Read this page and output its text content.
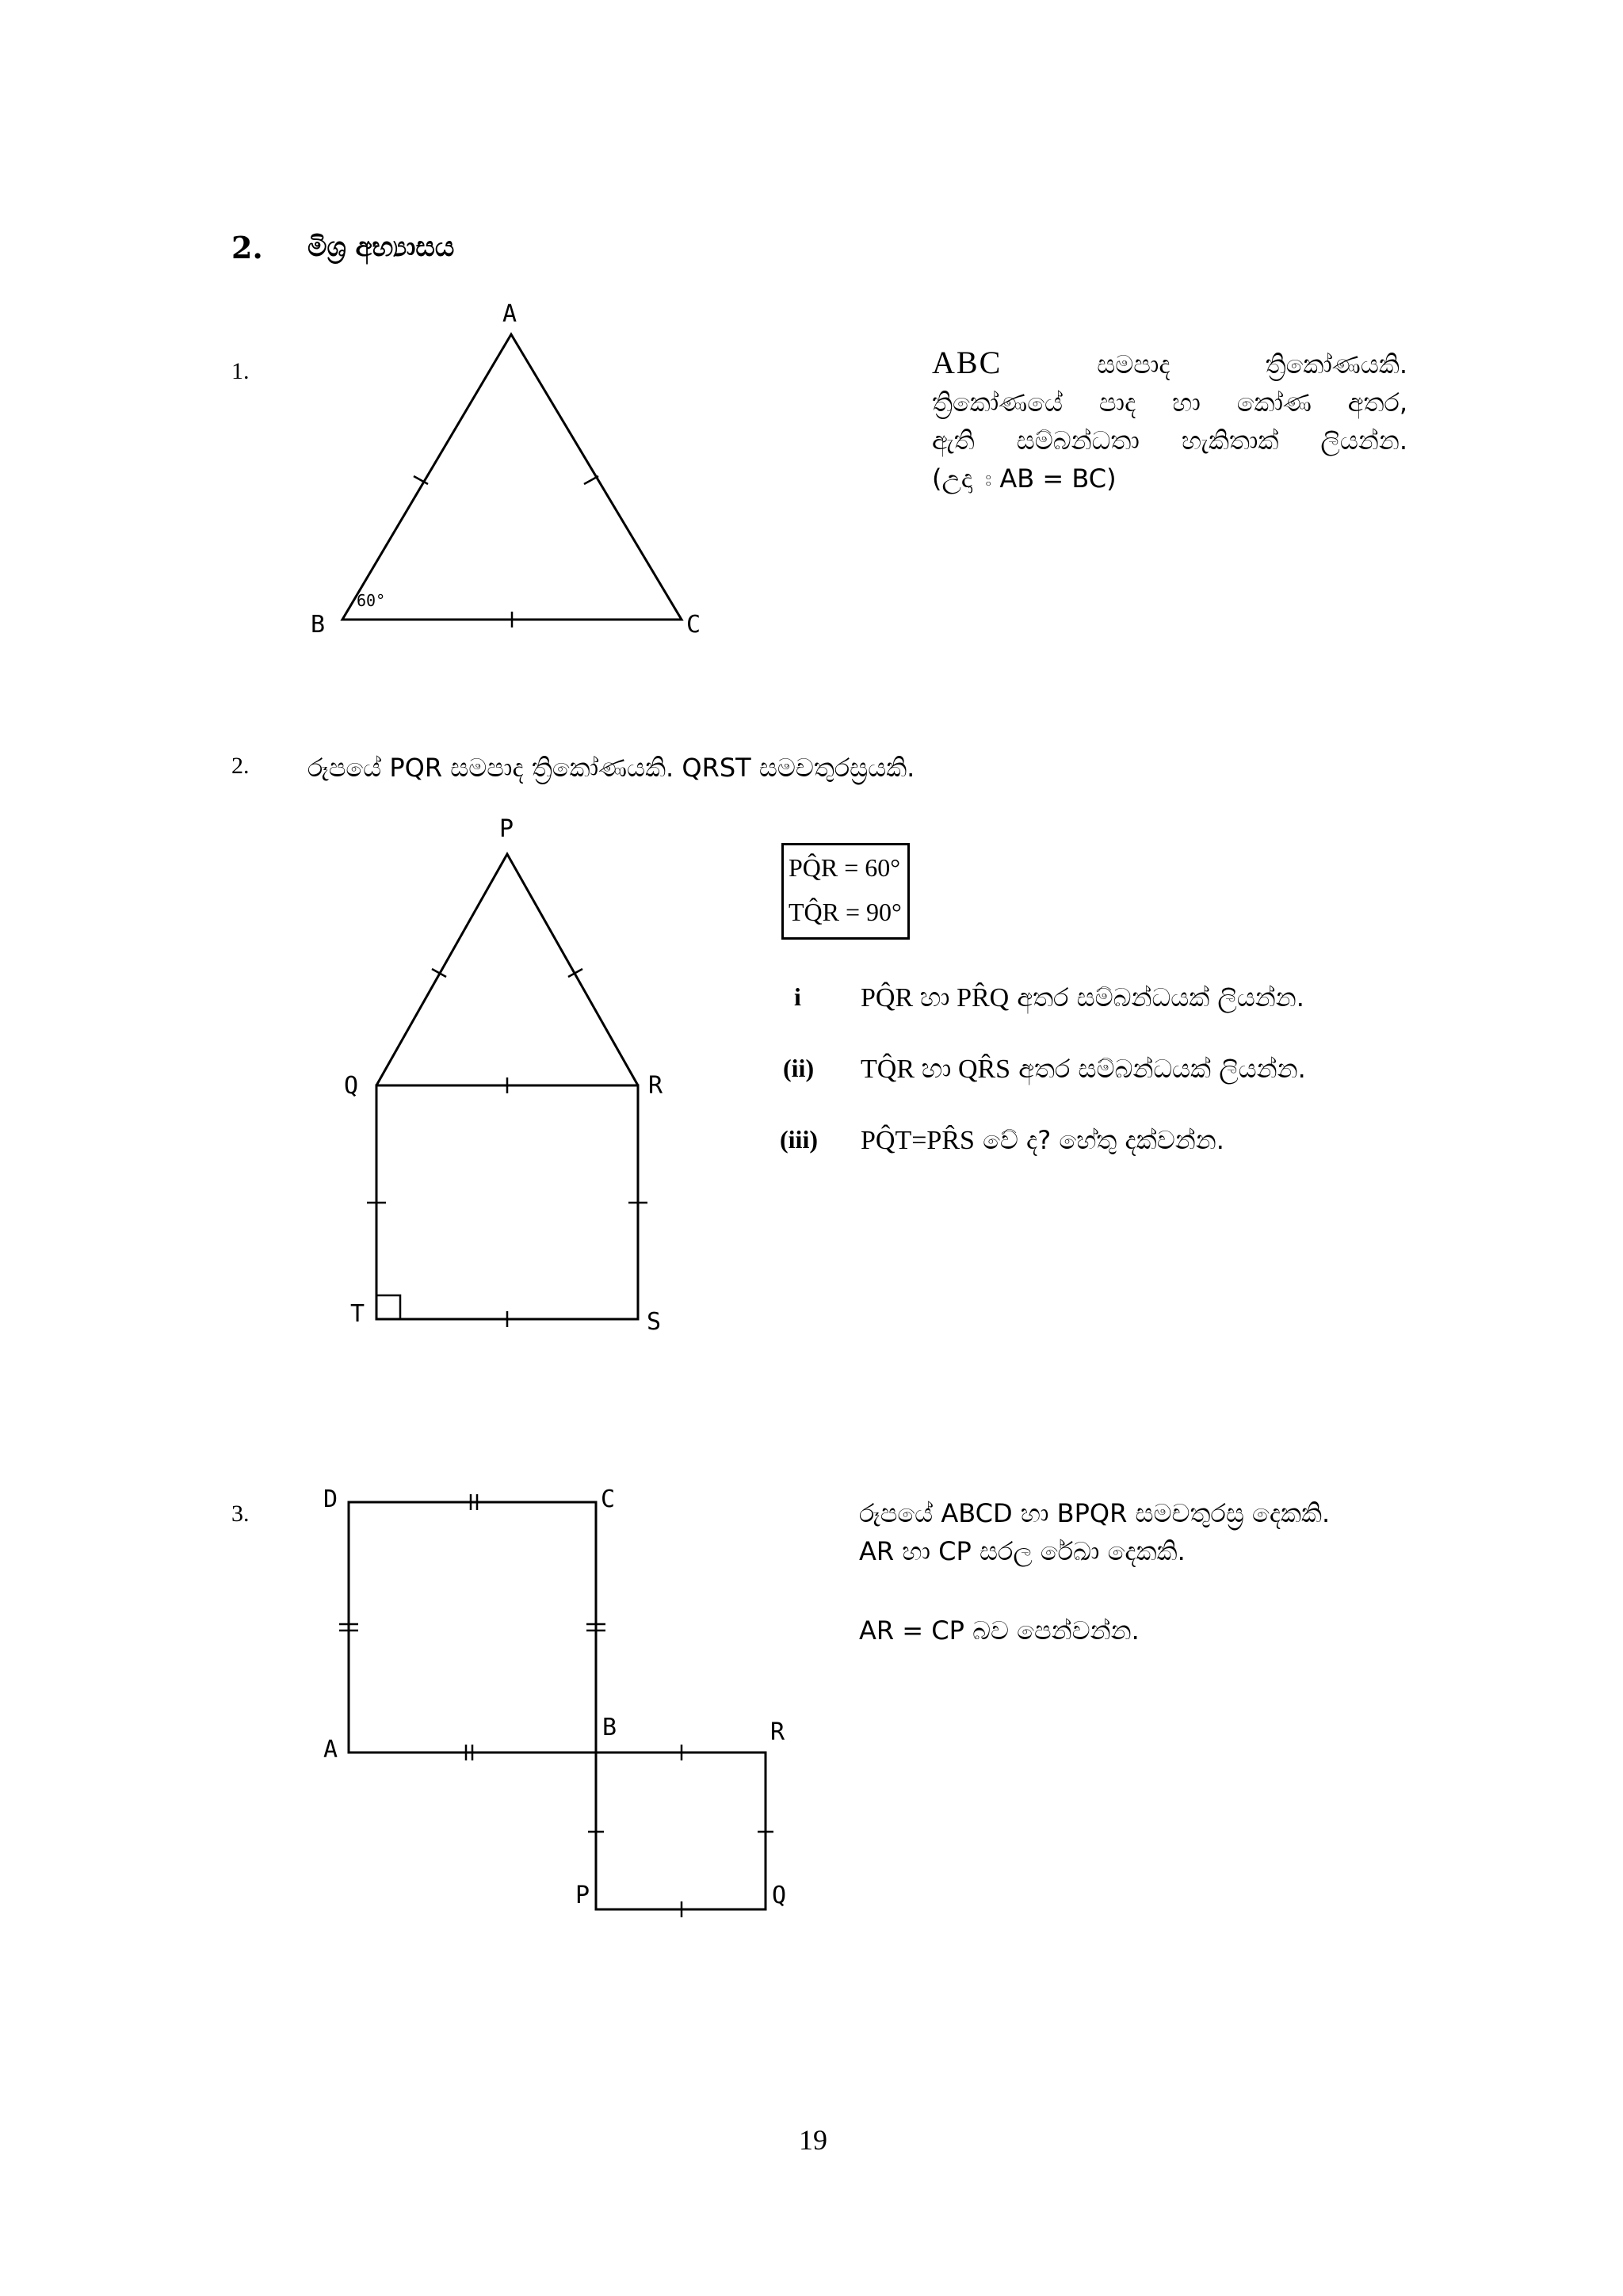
2. මිශ්‍ර අභ්‍යාසය
1.
A
B	C
60°
ABC	සමපාද ත්‍රිකෝණයකි.
ත්‍රිකෝණයේ පාද හා කෝණ අතර,
ඇති සම්බන්ධතා හැකිතාක් ලියන්න.
(උදා ඃ AB = BC)
2. රූපයේ PQR සමපාද ත්‍රිකෝණයකි. QRST සමචතුරස්‍රයකි.
P
Q	R
T	S
PQ̂R = 60°
TQ̂R = 90°
i PQ̂R හා PR̂Q අතර සම්බන්ධයක් ලියන්න.
(ii) TQ̂R හා QR̂S අතර සම්බන්ධයක් ලියන්න.
(iii) PQ̂T=PR̂S වේ ද? හේතු දක්වන්න.
3.
D	C
A
B	R
P	Q
රූපයේ ABCD හා BPQR සමචතුරස්‍ර දෙකකි.
AR හා CP සරල රේඛා දෙකකි.
AR = CP බව පෙන්වන්න.
19
